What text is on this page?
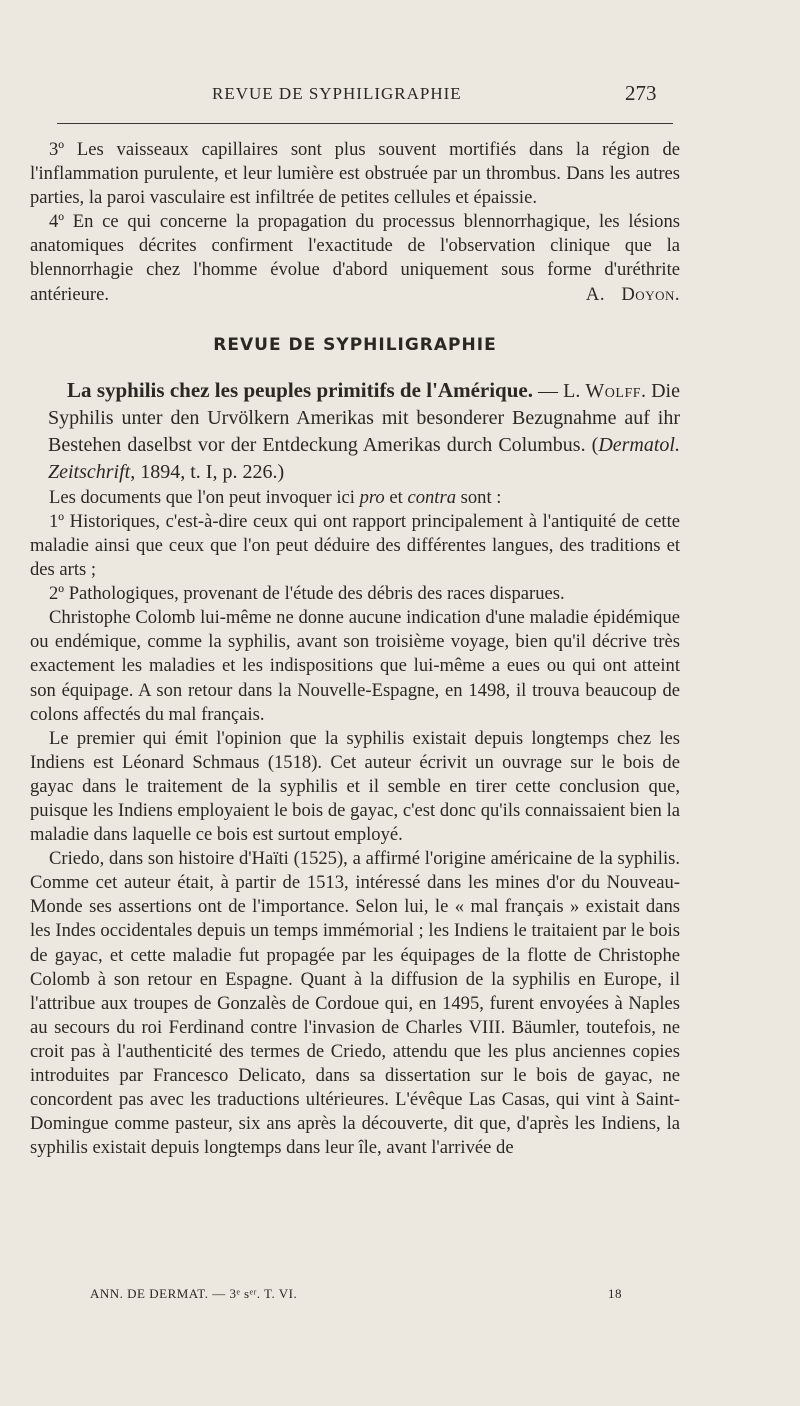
REVUE DE SYPHILIGRAPHIE	273

3º Les vaisseaux capillaires sont plus souvent mortifiés dans la région de l'inflammation purulente, et leur lumière est obstruée par un thrombus. Dans les autres parties, la paroi vasculaire est infiltrée de petites cellules et épaissie.

4º En ce qui concerne la propagation du processus blennorrhagique, les lésions anatomiques décrites confirment l'exactitude de l'observation clinique que la blennorrhagie chez l'homme évolue d'abord uniquement sous forme d'uréthrite antérieure.	A. Doyon.

REVUE DE SYPHILIGRAPHIE

La syphilis chez les peuples primitifs de l'Amérique. — L. Wolff. Die Syphilis unter den Urvölkern Amerikas mit besonderer Bezugnahme auf ihr Bestehen daselbst vor der Entdeckung Amerikas durch Columbus. (Dermatol. Zeitschrift, 1894, t. I, p. 226.)

Les documents que l'on peut invoquer ici pro et contra sont :

1º Historiques, c'est-à-dire ceux qui ont rapport principalement à l'antiquité de cette maladie ainsi que ceux que l'on peut déduire des différentes langues, des traditions et des arts ;

2º Pathologiques, provenant de l'étude des débris des races disparues.

Christophe Colomb lui-même ne donne aucune indication d'une maladie épidémique ou endémique, comme la syphilis, avant son troisième voyage, bien qu'il décrive très exactement les maladies et les indispositions que lui-même a eues ou qui ont atteint son équipage. A son retour dans la Nouvelle-Espagne, en 1498, il trouva beaucoup de colons affectés du mal français.

Le premier qui émit l'opinion que la syphilis existait depuis longtemps chez les Indiens est Léonard Schmaus (1518). Cet auteur écrivit un ouvrage sur le bois de gayac dans le traitement de la syphilis et il semble en tirer cette conclusion que, puisque les Indiens employaient le bois de gayac, c'est donc qu'ils connaissaient bien la maladie dans laquelle ce bois est surtout employé.

Criedo, dans son histoire d'Haïti (1525), a affirmé l'origine américaine de la syphilis. Comme cet auteur était, à partir de 1513, intéressé dans les mines d'or du Nouveau-Monde ses assertions ont de l'importance. Selon lui, le « mal français » existait dans les Indes occidentales depuis un temps immémorial ; les Indiens le traitaient par le bois de gayac, et cette maladie fut propagée par les équipages de la flotte de Christophe Colomb à son retour en Espagne. Quant à la diffusion de la syphilis en Europe, il l'attribue aux troupes de Gonzalès de Cordoue qui, en 1495, furent envoyées à Naples au secours du roi Ferdinand contre l'invasion de Charles VIII. Bäumler, toutefois, ne croit pas à l'authenticité des termes de Criedo, attendu que les plus anciennes copies introduites par Francesco Delicato, dans sa dissertation sur le bois de gayac, ne concordent pas avec les traductions ultérieures. L'évêque Las Casas, qui vint à Saint-Domingue comme pasteur, six ans après la découverte, dit que, d'après les Indiens, la syphilis existait depuis longtemps dans leur île, avant l'arrivée de

ANN. DE DERMAT. — 3ᵉ sᵉʳ. T. VI.	18
